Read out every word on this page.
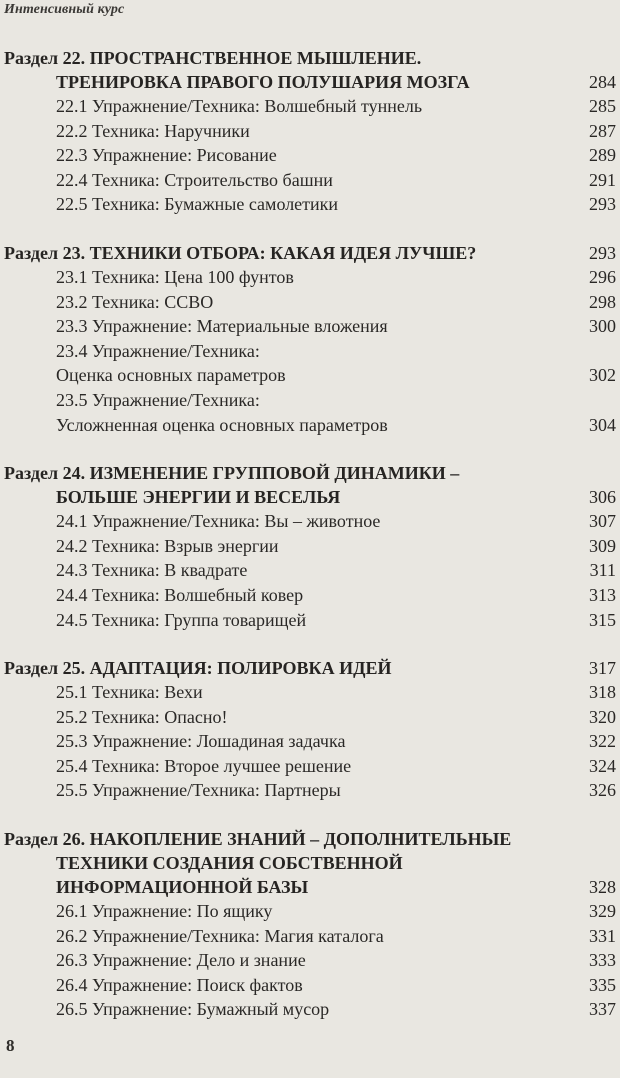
Интенсивный курс
Раздел 22. ПРОСТРАНСТВЕННОЕ МЫШЛЕНИЕ.
ТРЕНИРОВКА ПРАВОГО ПОЛУШАРИЯ МОЗГА	284
22.1 Упражнение/Техника: Волшебный туннель	285
22.2 Техника: Наручники	287
22.3 Упражнение: Рисование	289
22.4 Техника: Строительство башни	291
22.5 Техника: Бумажные самолетики	293
Раздел 23. ТЕХНИКИ ОТБОРА: КАКАЯ ИДЕЯ ЛУЧШЕ?	293
23.1 Техника: Цена 100 фунтов	296
23.2 Техника: ССВО	298
23.3 Упражнение: Материальные вложения	300
23.4 Упражнение/Техника:
Оценка основных параметров	302
23.5 Упражнение/Техника:
Усложненная оценка основных параметров	304
Раздел 24. ИЗМЕНЕНИЕ ГРУППОВОЙ ДИНАМИКИ –
БОЛЬШЕ ЭНЕРГИИ И ВЕСЕЛЬЯ	306
24.1 Упражнение/Техника: Вы – животное	307
24.2 Техника: Взрыв энергии	309
24.3 Техника: В квадрате	311
24.4 Техника: Волшебный ковер	313
24.5 Техника: Группа товарищей	315
Раздел 25. АДАПТАЦИЯ: ПОЛИРОВКА ИДЕЙ	317
25.1 Техника: Вехи	318
25.2 Техника: Опасно!	320
25.3 Упражнение: Лошадиная задачка	322
25.4 Техника: Второе лучшее решение	324
25.5 Упражнение/Техника: Партнеры	326
Раздел 26. НАКОПЛЕНИЕ ЗНАНИЙ – ДОПОЛНИТЕЛЬНЫЕ
ТЕХНИКИ СОЗДАНИЯ СОБСТВЕННОЙ
ИНФОРМАЦИОННОЙ БАЗЫ	328
26.1 Упражнение: По ящику	329
26.2 Упражнение/Техника: Магия каталога	331
26.3 Упражнение: Дело и знание	333
26.4 Упражнение: Поиск фактов	335
26.5 Упражнение: Бумажный мусор	337
8
